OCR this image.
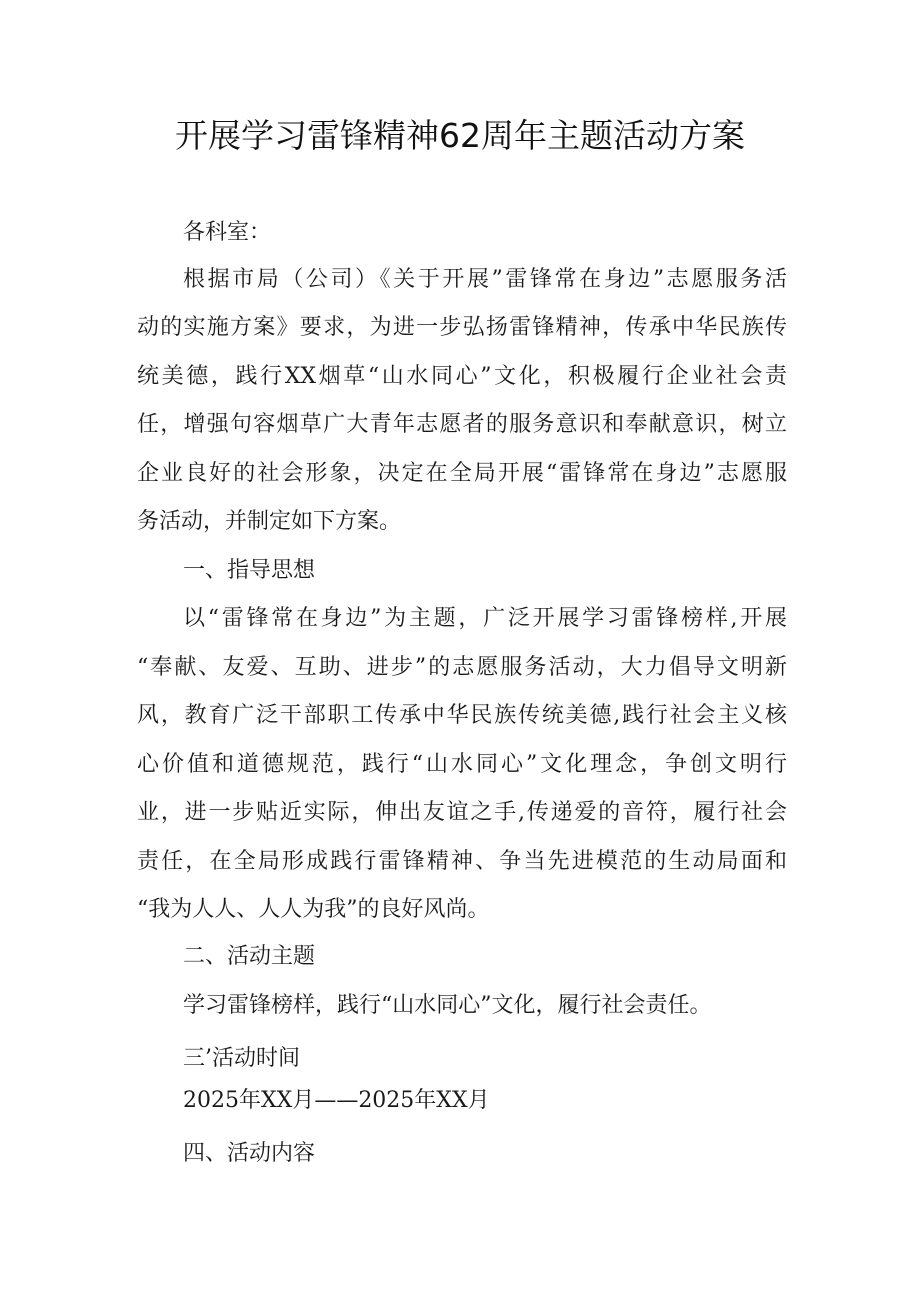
开展学习雷锋精神62周年主题活动方案

各科室：

根据市局（公司）《关于开展”雷锋常在身边”志愿服务活

动的实施方案》要求，为进一步弘扬雷锋精神，传承中华民族传

统美德，践行XX烟草“山水同心”文化，积极履行企业社会责

任，增强句容烟草广大青年志愿者的服务意识和奉献意识，树立

企业良好的社会形象，决定在全局开展“雷锋常在身边”志愿服

务活动，并制定如下方案。

一、指导思想

以“雷锋常在身边”为主题，广泛开展学习雷锋榜样,开展

“奉献、友爱、互助、进步”的志愿服务活动，大力倡导文明新

风，教育广泛干部职工传承中华民族传统美德,践行社会主义核

心价值和道德规范，践行“山水同心”文化理念，争创文明行

业，进一步贴近实际，伸出友谊之手,传递爱的音符，履行社会

责任，在全局形成践行雷锋精神、争当先进模范的生动局面和

“我为人人、人人为我”的良好风尚。

二、活动主题

学习雷锋榜样，践行“山水同心”文化，履行社会责任。

三’活动时间

2025年XX月——2025年XX月

四、活动内容
